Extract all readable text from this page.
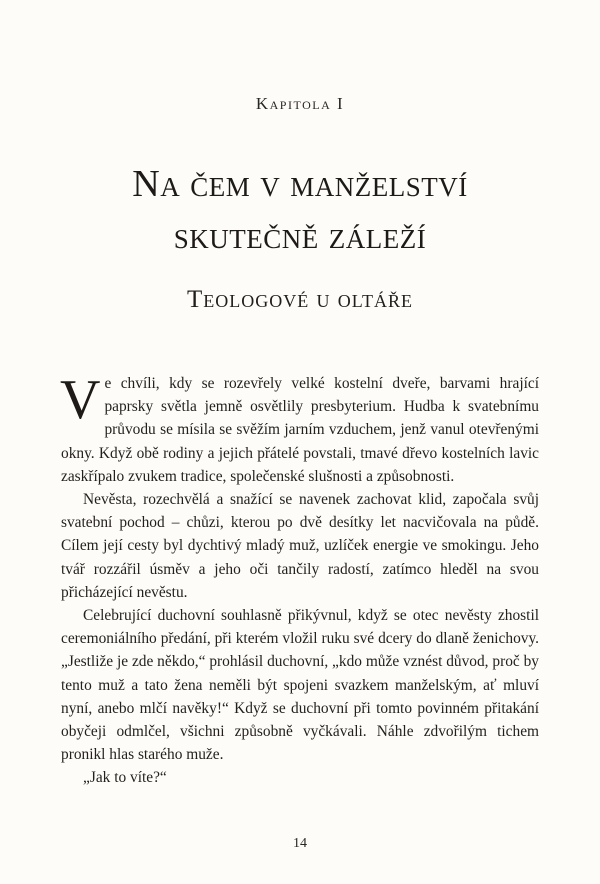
Kapitola I
Na čem v manželství
skutečně záleží
Teologové u oltáře

Ve chvíli, kdy se rozevřely velké kostelní dveře, barvami hrající paprsky světla jemně osvětlily presbyterium. Hudba k svatebnímu průvodu se mísila se svěžím jarním vzduchem, jenž vanul otevřenými okny. Když obě rodiny a jejich přátelé povstali, tmavé dřevo kostelních lavic zaskřípalo zvukem tradice, společenské slušnosti a způsobnosti.

Nevěsta, rozechvělá a snažící se navenek zachovat klid, započala svůj svatební pochod – chůzi, kterou po dvě desítky let nacvičovala na půdě. Cílem její cesty byl dychtivý mladý muž, uzlíček energie ve smokingu. Jeho tvář rozzářil úsměv a jeho oči tančily radostí, zatímco hleděl na svou přicházející nevěstu.

Celebrující duchovní souhlasně přikývnul, když se otec nevěsty zhostil ceremoniálního předání, při kterém vložil ruku své dcery do dlaně ženichovy. „Jestliže je zde někdo,“ prohlásil duchovní, „kdo může vznést důvod, proč by tento muž a tato žena neměli být spojeni svazkem manželským, ať mluví nyní, anebo mlčí navěky!“ Když se duchovní při tomto povinném přitakání obyčeji odmlčel, všichni způsobně vyčkávali. Náhle zdvořilým tichem pronikl hlas starého muže.

„Jak to víte?“

14
